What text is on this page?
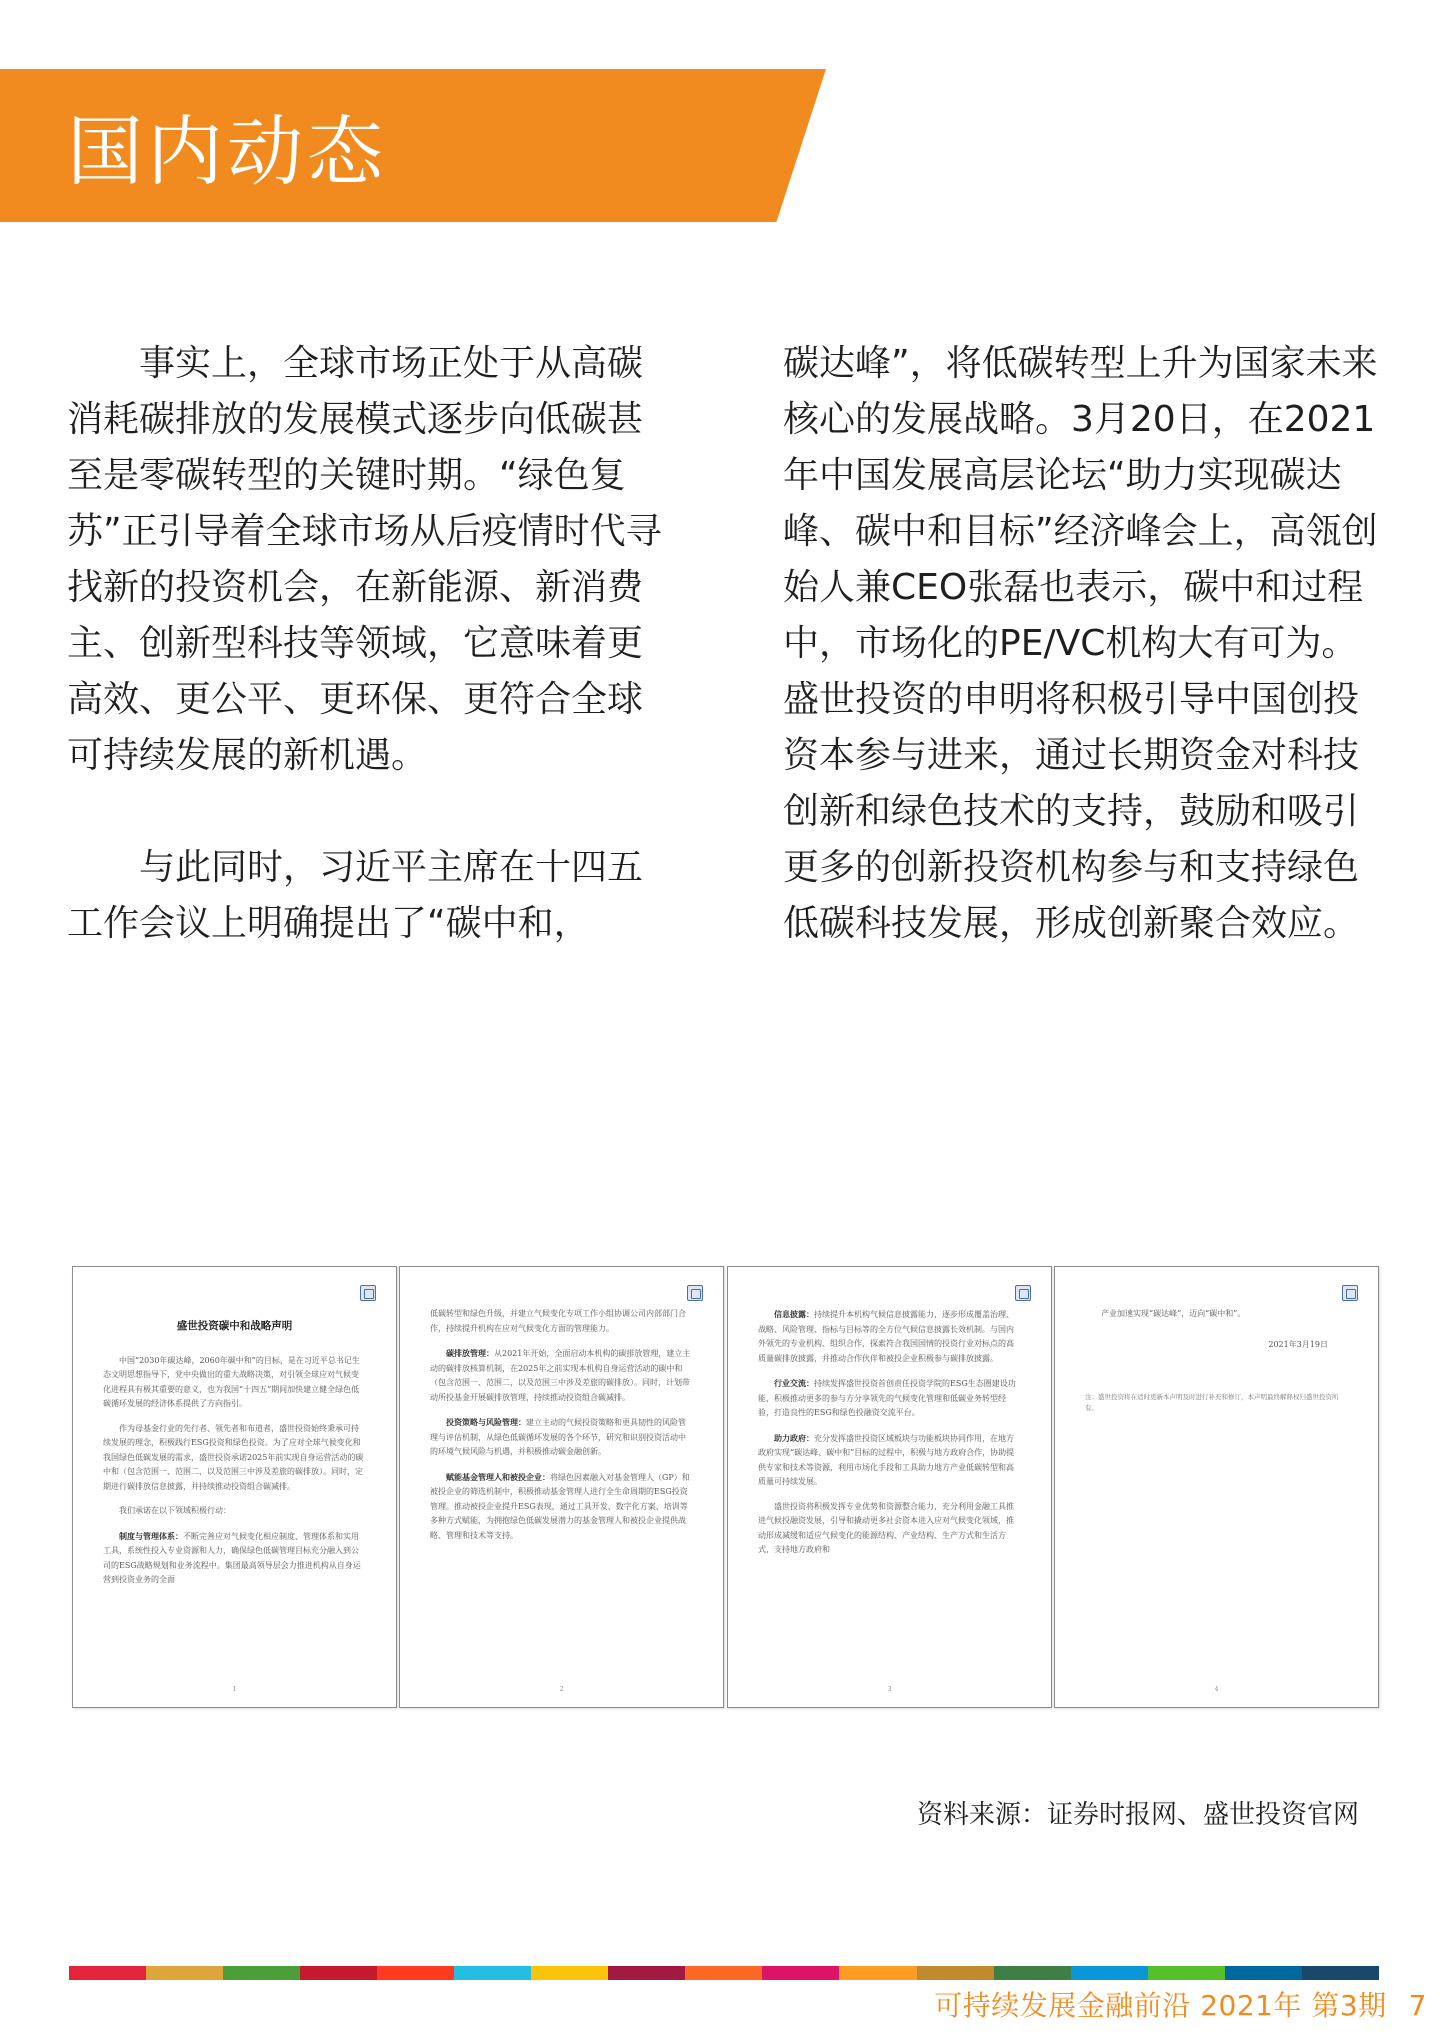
国内动态

事实上，全球市场正处于从高碳消耗碳排放的发展模式逐步向低碳甚至是零碳转型的关键时期。“绿色复苏”正引导着全球市场从后疫情时代寻找新的投资机会，在新能源、新消费主、创新型科技等领域，它意味着更高效、更公平、更环保、更符合全球可持续发展的新机遇。

与此同时，习近平主席在十四五工作会议上明确提出了“碳中和，

碳达峰”，将低碳转型上升为国家未来核心的发展战略。3月20日，在2021年中国发展高层论坛“助力实现碳达峰、碳中和目标”经济峰会上，高瓴创始人兼CEO张磊也表示，碳中和过程中，市场化的PE/VC机构大有可为。盛世投资的申明将积极引导中国创投资本参与进来，通过长期资金对科技创新和绿色技术的支持，鼓励和吸引更多的创新投资机构参与和支持绿色低碳科技发展，形成创新聚合效应。

盛世投资碳中和战略声明
中国“2030年碳达峰，2060年碳中和”的目标，是在习近平总书记生态文明思想指导下，党中央做出的重大战略决策，对引领全球应对气候变化进程具有极其重要的意义，也为我国“十四五”期间加快建立健全绿色低碳循环发展的经济体系提供了方向指引。
作为母基金行业的先行者、领先者和布道者，盛世投资始终秉承可持续发展的理念，积极践行ESG投资和绿色投资。为了应对全球气候变化和我国绿色低碳发展的需求，盛世投资承诺2025年前实现自身运营活动的碳中和（包含范围一、范围二，以及范围三中涉及差旅的碳排放）。同时，定期进行碳排放信息披露，并持续推动投资组合碳减排。
我们承诺在以下领域积极行动：
制度与管理体系：不断完善应对气候变化相应制度、管理体系和实用工具，系统性投入专业资源和人力，确保绿色低碳管理目标充分融入到公司的ESG战略规划和业务流程中。集团最高领导层会力推进机构从自身运营到投资业务的全面
1
低碳转型和绿色升级，并建立气候变化专项工作小组协调公司内部部门合作，持续提升机构在应对气候变化方面的管理能力。
碳排放管理：从2021年开始，全面启动本机构的碳排放管理，建立主动的碳排放核算机制，在2025年之前实现本机构自身运营活动的碳中和（包含范围一、范围二，以及范围三中涉及差旅的碳排放）。同时，计划带动所投基金开展碳排放管理，持续推动投资组合碳减排。
投资策略与风险管理：建立主动的气候投资策略和更具韧性的风险管理与评估机制，从绿色低碳循环发展的各个环节，研究和识别投资活动中的环境气候风险与机遇，并积极推动碳金融创新。
赋能基金管理人和被投企业：将绿色因素融入对基金管理人（GP）和被投企业的筛选机制中，积极推动基金管理人进行全生命周期的ESG投资管理。推动被投企业提升ESG表现，通过工具开发、数字化方案、培训等多种方式赋能，为拥抱绿色低碳发展潜力的基金管理人和被投企业提供战略、管理和技术等支持。
2
信息披露：持续提升本机构气候信息披露能力，逐步形成覆盖治理、战略、风险管理、指标与目标等的全方位气候信息披露长效机制。与国内外领先的专业机构、组织合作，探索符合我国国情的投资行业对标点的高质量碳排放披露，并推动合作伙伴和被投企业积极参与碳排放披露。
行业交流：持续发挥盛世投资首创责任投资学院的ESG生态圈建设功能，积极推动更多的参与方分享领先的气候变化管理和低碳业务转型经验，打造良性的ESG和绿色投融资交流平台。
助力政府：充分发挥盛世投资区域板块与功能板块协同作用，在地方政府实现“碳达峰、碳中和”目标的过程中，积极与地方政府合作，协助提供专家和技术等资源，利用市场化手段和工具助力地方产业低碳转型和高质量可持续发展。
盛世投资将积极发挥专业优势和资源整合能力，充分利用金融工具推进气候投融资发展，引导和撬动更多社会资本进入应对气候变化领域，推动形成减缓和适应气候变化的能源结构、产业结构、生产方式和生活方式，支持地方政府和
3
产业加速实现“碳达峰”，迈向“碳中和”。
2021年3月19日
注：盛世投资将在适时更新本声明及时进行补充和修订，本声明最终解释权归盛世投资所有。
4
资料来源：证券时报网、盛世投资官网
可持续发展金融前沿 2021年 第3期 7
